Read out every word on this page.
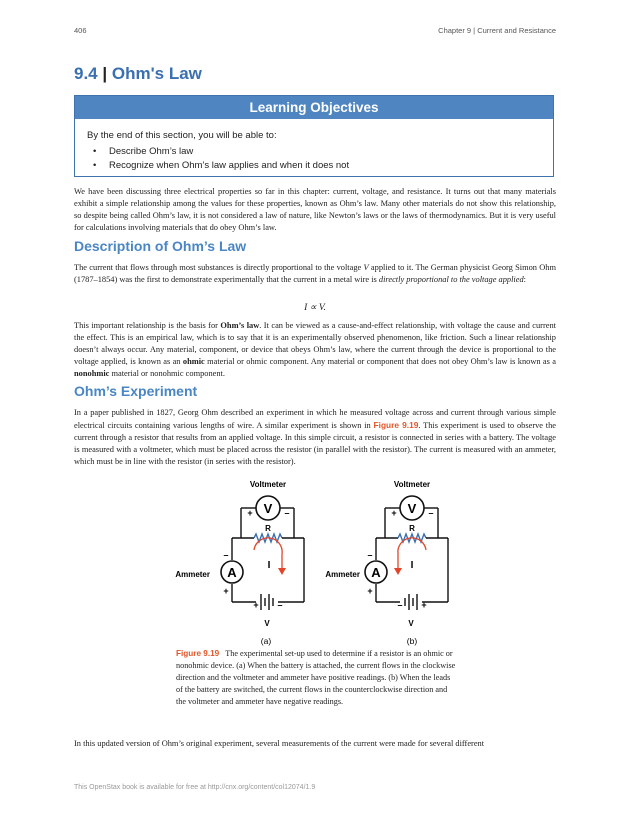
406	Chapter 9 | Current and Resistance
9.4 | Ohm's Law
Learning Objectives
By the end of this section, you will be able to:
• Describe Ohm’s law
• Recognize when Ohm’s law applies and when it does not

We have been discussing three electrical properties so far in this chapter: current, voltage, and resistance. It turns out that many materials exhibit a simple relationship among the values for these properties, known as Ohm’s law. Many other materials do not show this relationship, so despite being called Ohm’s law, it is not considered a law of nature, like Newton’s laws or the laws of thermodynamics. But it is very useful for calculations involving materials that do obey Ohm’s law.

Description of Ohm’s Law

The current that flows through most substances is directly proportional to the voltage V applied to it. The German physicist Georg Simon Ohm (1787–1854) was the first to demonstrate experimentally that the current in a metal wire is directly proportional to the voltage applied:

I ∝ V.

This important relationship is the basis for Ohm’s law. It can be viewed as a cause-and-effect relationship, with voltage the cause and current the effect. This is an empirical law, which is to say that it is an experimentally observed phenomenon, like friction. Such a linear relationship doesn’t always occur. Any material, component, or device that obeys Ohm’s law, where the current through the device is proportional to the voltage applied, is known as an ohmic material or ohmic component. Any material or component that does not obey Ohm’s law is known as a nonohmic material or nonohmic component.

Ohm’s Experiment

In a paper published in 1827, Georg Ohm described an experiment in which he measured voltage across and current through various simple electrical circuits containing various lengths of wire. A similar experiment is shown in Figure 9.19. This experiment is used to observe the current through a resistor that results from an applied voltage. In this simple circuit, a resistor is connected in series with a battery. The voltage is measured with a voltmeter, which must be placed across the resistor (in parallel with the resistor). The current is measured with an ammeter, which must be in line with the resistor (in series with the resistor).

Voltmeter
V
+	–
R
A
Ammeter
–
+
+ –
V
I
(a)
Voltmeter
V
+	–
R
A
Ammeter
–
+
– +
V
I
(b)

Figure 9.19 The experimental set-up used to determine if a resistor is an ohmic or nonohmic device. (a) When the battery is attached, the current flows in the clockwise direction and the voltmeter and ammeter have positive readings. (b) When the leads of the battery are switched, the current flows in the counterclockwise direction and the voltmeter and ammeter have negative readings.

In this updated version of Ohm’s original experiment, several measurements of the current were made for several different

This OpenStax book is available for free at http://cnx.org/content/col12074/1.9
